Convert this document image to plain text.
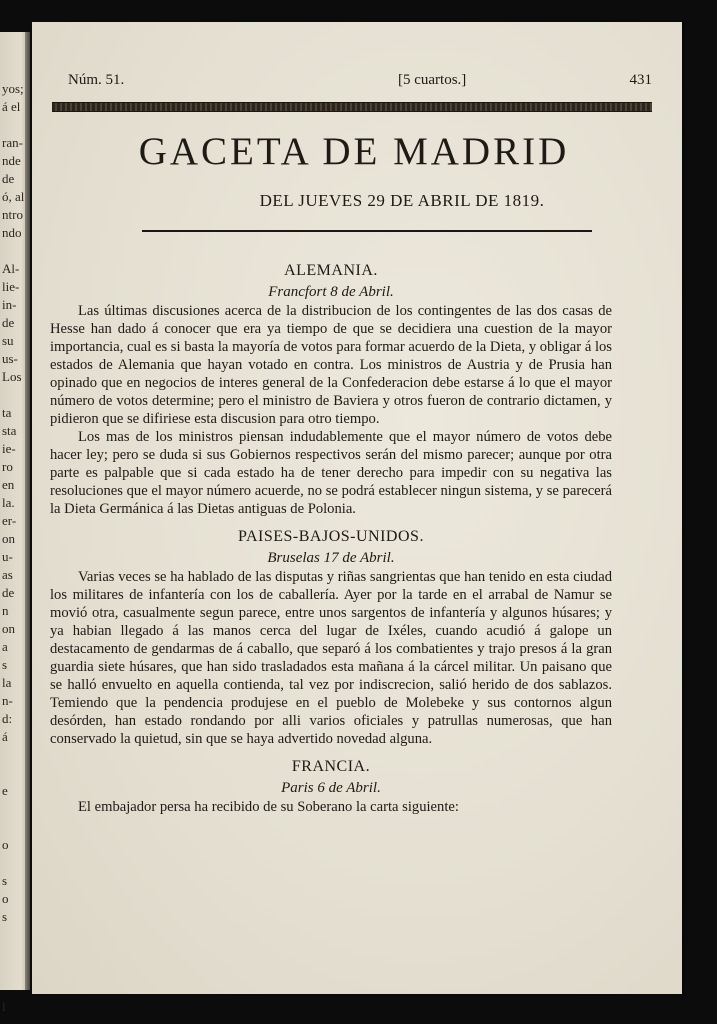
yos;
á el
ran-
nde
de
ó, al
ntro
ndo
Al-
lie-
in-
de
su
us-
Los
ta
sta
ie-
ro
en
la.
er-
on
u-
as
de
n
on
a
s
la
n-
d:
á
e
o
s
o
s
l
Núm. 51.	[5 cuartos.]	431
GACETA DE MADRID
DEL JUEVES 29 DE ABRIL DE 1819.
ALEMANIA.
Francfort 8 de Abril.

Las últimas discusiones acerca de la distribucion de los contingentes de las dos casas de Hesse han dado á conocer que era ya tiempo de que se decidiera una cuestion de la mayor importancia, cual es si basta la mayoría de votos para formar acuerdo de la Dieta, y obligar á los estados de Alemania que hayan votado en contra. Los ministros de Austria y de Prusia han opinado que en negocios de interes general de la Confederacion debe estarse á lo que el mayor número de votos determine; pero el ministro de Baviera y otros fueron de contrario dictamen, y pidieron que se difiriese esta discusion para otro tiempo.

Los mas de los ministros piensan indudablemente que el mayor número de votos debe hacer ley; pero se duda si sus Gobiernos respectivos serán del mismo parecer; aunque por otra parte es palpable que si cada estado ha de tener derecho para impedir con su negativa las resoluciones que el mayor número acuerde, no se podrá establecer ningun sistema, y se parecerá la Dieta Germánica á las Dietas antiguas de Polonia.

PAISES-BAJOS-UNIDOS.
Bruselas 17 de Abril.

Varias veces se ha hablado de las disputas y riñas sangrientas que han tenido en esta ciudad los militares de infantería con los de caballería. Ayer por la tarde en el arrabal de Namur se movió otra, casualmente segun parece, entre unos sargentos de infantería y algunos húsares; y ya habian llegado á las manos cerca del lugar de Ixéles, cuando acudió á galope un destacamento de gendarmas de á caballo, que separó á los combatientes y trajo presos á la gran guardia siete húsares, que han sido trasladados esta mañana á la cárcel militar. Un paisano que se halló envuelto en aquella contienda, tal vez por indiscrecion, salió herido de dos sablazos. Temiendo que la pendencia produjese en el pueblo de Molebeke y sus contornos algun desórden, han estado rondando por alli varios oficiales y patrullas numerosas, que han conservado la quietud, sin que se haya advertido novedad alguna.

FRANCIA.
Paris 6 de Abril.

El embajador persa ha recibido de su Soberano la carta siguiente:
